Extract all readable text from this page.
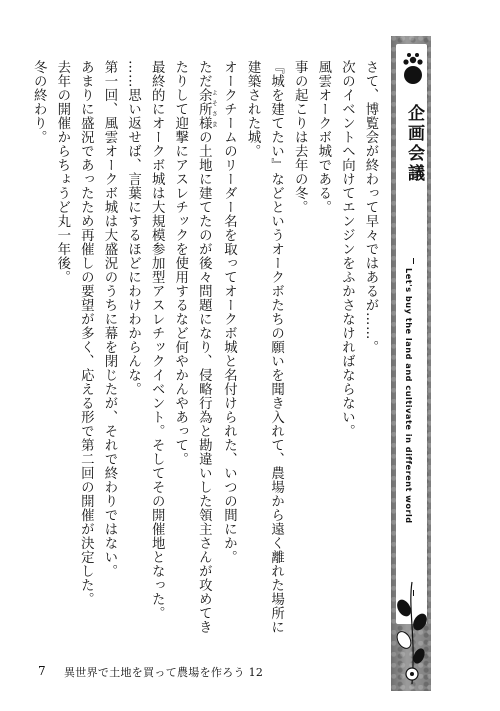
さて、博覧会が終わって早々ではあるが……。

次のイベントへ向けてエンジンをふかさなければならない。

風雲オークボ城である。

事の起こりは去年の冬。

『城を建てたい』などというオークボたちの願いを聞き入れて、農場から遠く離れた場所に建築された城。

オークチームのリーダー名を取ってオークボ城と名付けられた、いつの間にか。

ただ余所様 よそさまの土地に建てたのが後々問題になり、侵略行為と勘違いした領主さんが攻めてきたりして迎撃にアスレチックを使用するなど何やかんやあって。

最終的にオークボ城は大規模参加型アスレチックイベント。そしてその開催地となった。

……思い返せば、言葉にするほどにわけわからんな。

第一回、風雲オークボ城は大盛況のうちに幕を閉じたが、それで終わりではない。

あまりに盛況であったため再催しの要望が多く、応える形で第二回の開催が決定した。

去年の開催からちょうど丸一年後。

冬の終わり。	企画会議
Let's buy the land and cultivate in different world
7 異世界で土地を買って農場を作ろう 12
